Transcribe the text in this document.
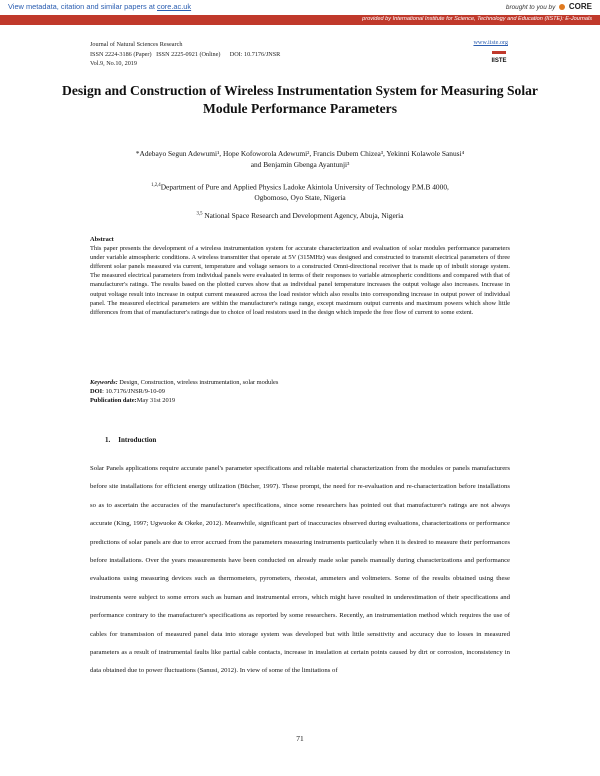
View metadata, citation and similar papers at core.ac.uk	brought to you by CORE
provided by International Institute for Science, Technology and Education (IISTE): E-Journals
Journal of Natural Sciences Research
ISSN 2224-3186 (Paper)   ISSN 2225-0921 (Online)      DOI: 10.7176/JNSR
Vol.9, No.10, 2019
www.iiste.org
IISTE
Design and Construction of Wireless Instrumentation System for Measuring Solar Module Performance Parameters
*Adebayo Segun Adewumi¹, Hope Kofoworola Adewumi², Francis Dubem Chizea³, Yekinni Kolawole Sanusi⁴
and Benjamin Gbenga Ayantunji³
$^{1,2,4}$Department of Pure and Applied Physics Ladoke Akintola University of Technology P.M.B 4000,
Ogbomoso, Oyo State, Nigeria
$^{3,5}$ National Space Research and Development Agency, Abuja, Nigeria
Abstract
This paper presents the development of a wireless instrumentation system for accurate characterization and evaluation of solar modules performance parameters under variable atmospheric conditions. A wireless transmitter that operate at 5V (315MHz) was designed and constructed to transmit electrical parameters of three different solar panels measured via current, temperature and voltage sensors to a constructed Omni-directional receiver that is made up of inbuilt storage system. The measured electrical parameters from individual panels were evaluated in terms of their responses to variable atmospheric conditions and compared with that of manufacturer's ratings. The results based on the plotted curves show that as individual panel temperature increases the output voltage also increases. Increase in output voltage result into increase in output current measured across the load resistor which also results into corresponding increase in output power of individual panel. The measured electrical parameters are within the manufacturer's ratings range, except maximum output currents and maximum powers which show little differences from that of manufacturer's ratings due to choice of load resistors used in the design which impede the free flow of current to some extent.
Keywords: Design, Construction, wireless instrumentation, solar modules
DOI: 10.7176/JNSR/9-10-09
Publication date:May 31st 2019
1. Introduction
Solar Panels applications require accurate panel's parameter specifications and reliable material characterization from the modules or panels manufacturers before site installations for efficient energy utilization (Bücher, 1997). These prompt, the need for re-evaluation and re-characterization before installations so as to ascertain the accuracies of the manufacturer's specifications, since some researchers has pointed out that manufacturer's ratings are not always accurate (King, 1997; Ugwuoke & Okeke, 2012). Meanwhile, significant part of inaccuracies observed during evaluations, characterizations or performance predictions of solar panels are due to error accrued from the parameters measuring instruments particularly when it is desired to measure their performances before installations. Over the years measurements have been conducted on already made solar panels manually during characterizations and performance evaluations using measuring devices such as thermometers, pyrometers, rheostat, ammeters and voltmeters. Some of the results obtained using these instruments were subject to some errors such as human and instrumental errors, which might have resulted in underestimation of their specifications and performance contrary to the manufacturer's specifications as reported by some researchers. Recently, an instrumentation method which requires the use of cables for transmission of measured panel data into storage system was developed but with little sensitivity and accuracy due to losses in measured parameters as a result of instrumental faults like partial cable contacts, increase in insulation at certain points caused by dirt or corrosion, inconsistency in data obtained due to power fluctuations (Sanusi, 2012). In view of some of the limitations of
71
